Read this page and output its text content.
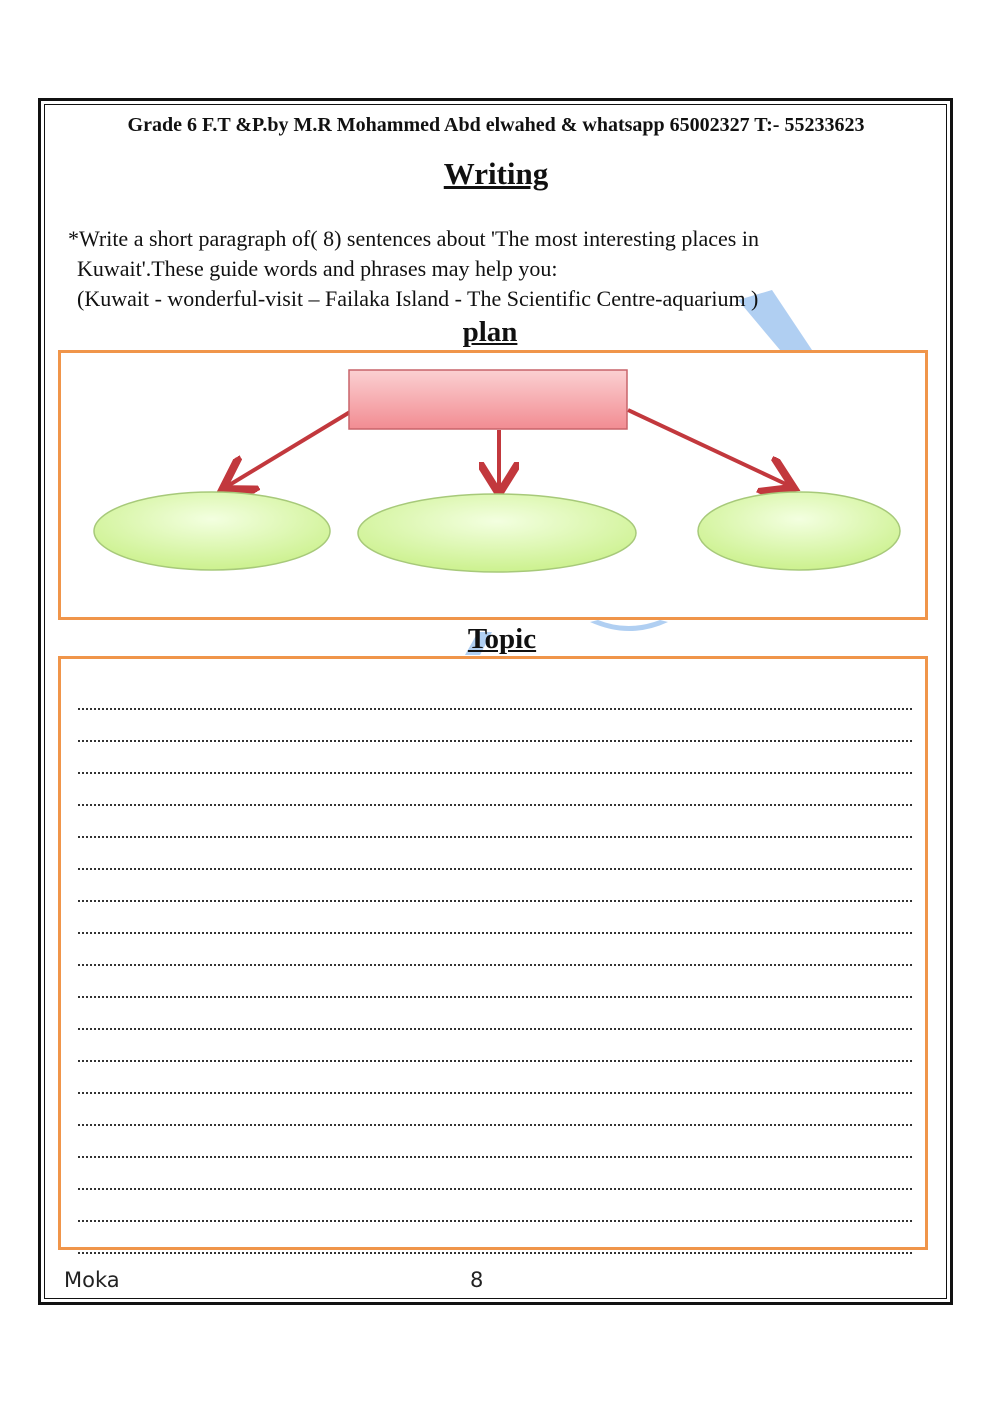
Grade 6 F.T &P.by M.R Mohammed Abd elwahed & whatsapp 65002327 T:- 55233623
Writing
*Write a short paragraph of( 8) sentences about 'The most interesting places in
Kuwait'.These guide words and phrases may help you:
(Kuwait - wonderful-visit – Failaka Island - The Scientific Centre-aquarium )
plan
Topic
Moka	8
